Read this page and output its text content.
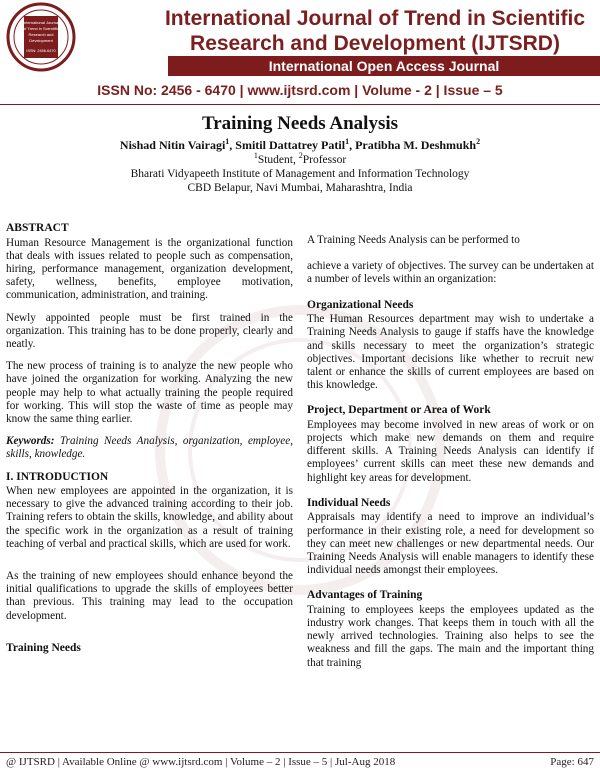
International Journal
of Trend in Scientific
Research and
Development
ISSN: 2456-6470
International Journal of Trend in Scientific
Research and Development (IJTSRD)
International Open Access Journal
ISSN No: 2456 - 6470 | www.ijtsrd.com | Volume - 2 | Issue – 5
Training Needs Analysis
Nishad Nitin Vairagi$^1$, Smitil Dattatrey Patil$^1$, Pratibha M. Deshmukh$^2$
$^1$Student, $^2$Professor
Bharati Vidyapeeth Institute of Management and Information Technology
CBD Belapur, Navi Mumbai, Maharashtra, India
ABSTRACT

Human Resource Management is the organizational function that deals with issues related to people such as compensation, hiring, performance management, organization development, safety, wellness, benefits, employee motivation, communication, administration, and training.

Newly appointed people must be first trained in the organization. This training has to be done properly, clearly and neatly.

The new process of training is to analyze the new people who have joined the organization for working. Analyzing the new people may help to what actually training the people required for working. This will stop the waste of time as people may know the same thing earlier.

Keywords: Training Needs Analysis, organization, employee, skills, knowledge.

I. INTRODUCTION

When new employees are appointed in the organization, it is necessary to give the advanced training according to their job. Training refers to obtain the skills, knowledge, and ability about the specific work in the organization as a result of training teaching of verbal and practical skills, which are used for work.

As the training of new employees should enhance beyond the initial qualifications to upgrade the skills of employees better than previous. This training may lead to the occupation development.

Training Needs

A Training Needs Analysis can be performed to

achieve a variety of objectives. The survey can be undertaken at a number of levels within an organization:

Organizational Needs

The Human Resources department may wish to undertake a Training Needs Analysis to gauge if staffs have the knowledge and skills necessary to meet the organization’s strategic objectives. Important decisions like whether to recruit new talent or enhance the skills of current employees are based on this knowledge.

Project, Department or Area of Work

Employees may become involved in new areas of work or on projects which make new demands on them and require different skills. A Training Needs Analysis can identify if employees’ current skills can meet these new demands and highlight key areas for development.

Individual Needs

Appraisals may identify a need to improve an individual’s performance in their existing role, a need for development so they can meet new challenges or new departmental needs. Our Training Needs Analysis will enable managers to identify these individual needs amongst their employees.

Advantages of Training

Training to employees keeps the employees updated as the industry work changes. That keeps them in touch with all the newly arrived technologies. Training also helps to see the weakness and fill the gaps. The main and the important thing that training

@ IJTSRD | Available Online @ www.ijtsrd.com | Volume – 2 | Issue – 5 | Jul-Aug 2018	Page: 647
